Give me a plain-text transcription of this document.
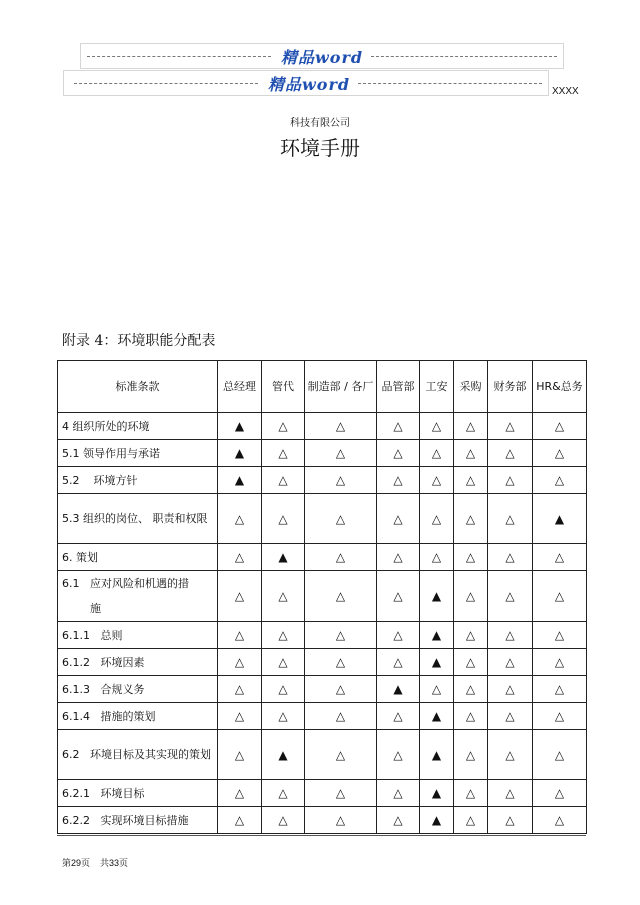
精品word
精品word	XXXX
科技有限公司
环境手册
附录 4：环境职能分配表
标准条款	总经理	管代	制造部 / 各厂	品管部	工安	采购	财务部	HR&总务
4 组织所处的环境	▲	△	△	△	△	△	△	△
5.1 领导作用与承诺	▲	△	△	△	△	△	△	△
5.2    环境方针	▲	△	△	△	△	△	△	△
5.3 组织的岗位、 职责和权限	△	△	△	△	△	△	△	▲
6. 策划	△	▲	△	△	△	△	△	△
6.1   应对风险和机遇的措
施	△	△	△	△	▲	△	△	△
6.1.1   总则	△	△	△	△	▲	△	△	△
6.1.2   环境因素	△	△	△	△	▲	△	△	△
6.1.3   合规义务	△	△	△	▲	△	△	△	△
6.1.4   措施的策划	△	△	△	△	▲	△	△	△
6.2   环境目标及其实现的策划	△	▲	△	△	▲	△	△	△
6.2.1   环境目标	△	△	△	△	▲	△	△	△
6.2.2   实现环境目标措施	△	△	△	△	▲	△	△	△
第29页    共33页
